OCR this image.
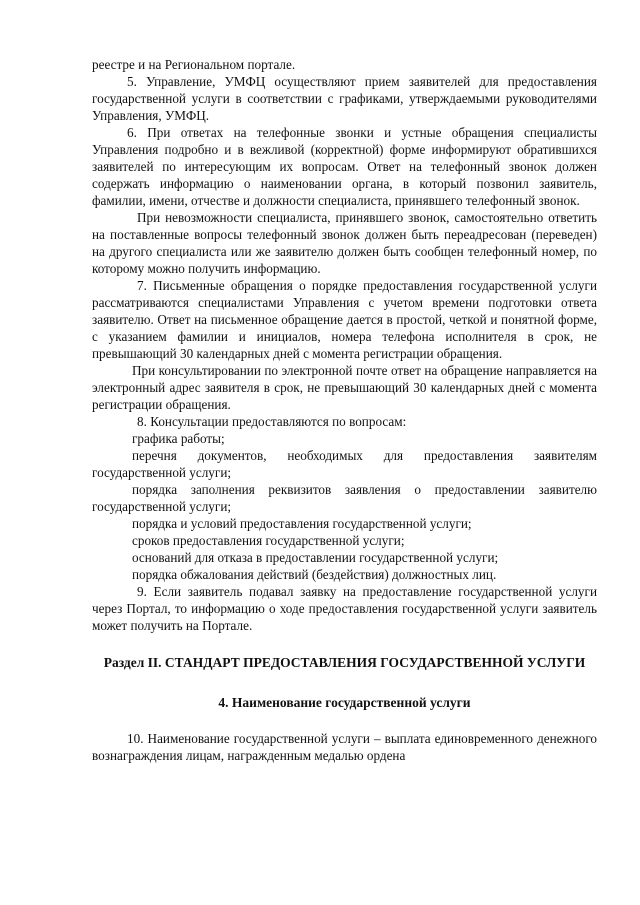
реестре и на Региональном портале.

5. Управление, УМФЦ осуществляют прием заявителей для предоставления государственной услуги в соответствии с графиками, утверждаемыми руководителями Управления, УМФЦ.

6. При ответах на телефонные звонки и устные обращения специалисты Управления подробно и в вежливой (корректной) форме информируют обратившихся заявителей по интересующим их вопросам. Ответ на телефонный звонок должен содержать информацию о наименовании органа, в который позвонил заявитель, фамилии, имени, отчестве и должности специалиста, принявшего телефонный звонок.

При невозможности специалиста, принявшего звонок, самостоятельно ответить на поставленные вопросы телефонный звонок должен быть переадресован (переведен) на другого специалиста или же заявителю должен быть сообщен телефонный номер, по которому можно получить информацию.

7. Письменные обращения о порядке предоставления государственной услуги рассматриваются специалистами Управления с учетом времени подготовки ответа заявителю. Ответ на письменное обращение дается в простой, четкой и понятной форме, с указанием фамилии и инициалов, номера телефона исполнителя в срок, не превышающий 30 календарных дней с момента регистрации обращения.

При консультировании по электронной почте ответ на обращение направляется на электронный адрес заявителя в срок, не превышающий 30 календарных дней с момента регистрации обращения.

8. Консультации предоставляются по вопросам:

графика работы;

перечня документов, необходимых для предоставления заявителям государственной услуги;

порядка заполнения реквизитов заявления о предоставлении заявителю государственной услуги;

порядка и условий предоставления государственной услуги;

сроков предоставления государственной услуги;

оснований для отказа в предоставлении государственной услуги;

порядка обжалования действий (бездействия) должностных лиц.

9. Если заявитель подавал заявку на предоставление государственной услуги через Портал, то информацию о ходе предоставления государственной услуги заявитель может получить на Портале.

Раздел II. СТАНДАРТ ПРЕДОСТАВЛЕНИЯ ГОСУДАРСТВЕННОЙ УСЛУГИ
4. Наименование государственной услуги

10. Наименование государственной услуги – выплата единовременного денежного вознаграждения лицам, награжденным медалью ордена
